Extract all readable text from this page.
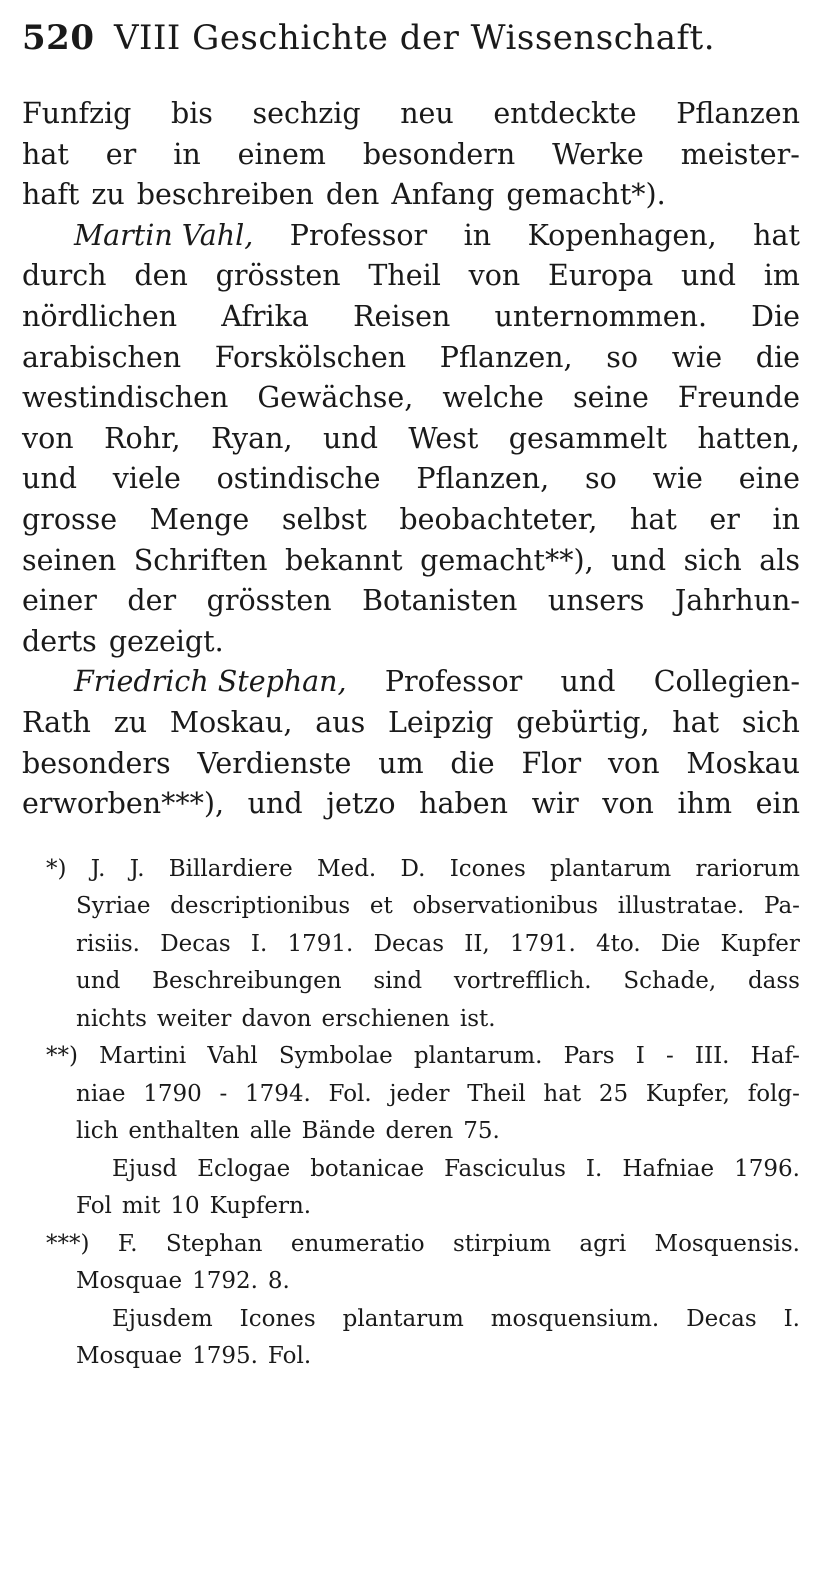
520 VIII Geschichte der Wissenschaft.
Funfzig bis sechzig neu entdeckte Pflanzen
hat er in einem besondern Werke meister-
haft zu beschreiben den Anfang gemacht*).
Martin Vahl, Professor in Kopenhagen, hat
durch den grössten Theil von Europa und im
nördlichen Afrika Reisen unternommen. Die
arabischen Forskölschen Pflanzen, so wie die
westindischen Gewächse, welche seine Freunde
von Rohr, Ryan, und West gesammelt hatten,
und viele ostindische Pflanzen, so wie eine
grosse Menge selbst beobachteter, hat er in
seinen Schriften bekannt gemacht**), und sich als
einer der grössten Botanisten unsers Jahrhun-
derts gezeigt.
Friedrich Stephan, Professor und Collegien-
Rath zu Moskau, aus Leipzig gebürtig, hat sich
besonders Verdienste um die Flor von Moskau
erworben***), und jetzo haben wir von ihm ein
*) J. J. Billardiere Med. D. Icones plantarum rariorum
Syriae descriptionibus et observationibus illustratae. Pa-
risiis. Decas I. 1791. Decas II, 1791. 4to. Die Kupfer
und Beschreibungen sind vortrefflich. Schade, dass
nichts weiter davon erschienen ist.
**) Martini Vahl Symbolae plantarum. Pars I - III. Haf-
niae 1790 - 1794. Fol. jeder Theil hat 25 Kupfer, folg-
lich enthalten alle Bände deren 75.
Ejusd Eclogae botanicae Fasciculus I. Hafniae 1796.
Fol mit 10 Kupfern.
***) F. Stephan enumeratio stirpium agri Mosquensis.
Mosquae 1792. 8.
Ejusdem Icones plantarum mosquensium. Decas I.
Mosquae 1795. Fol.
